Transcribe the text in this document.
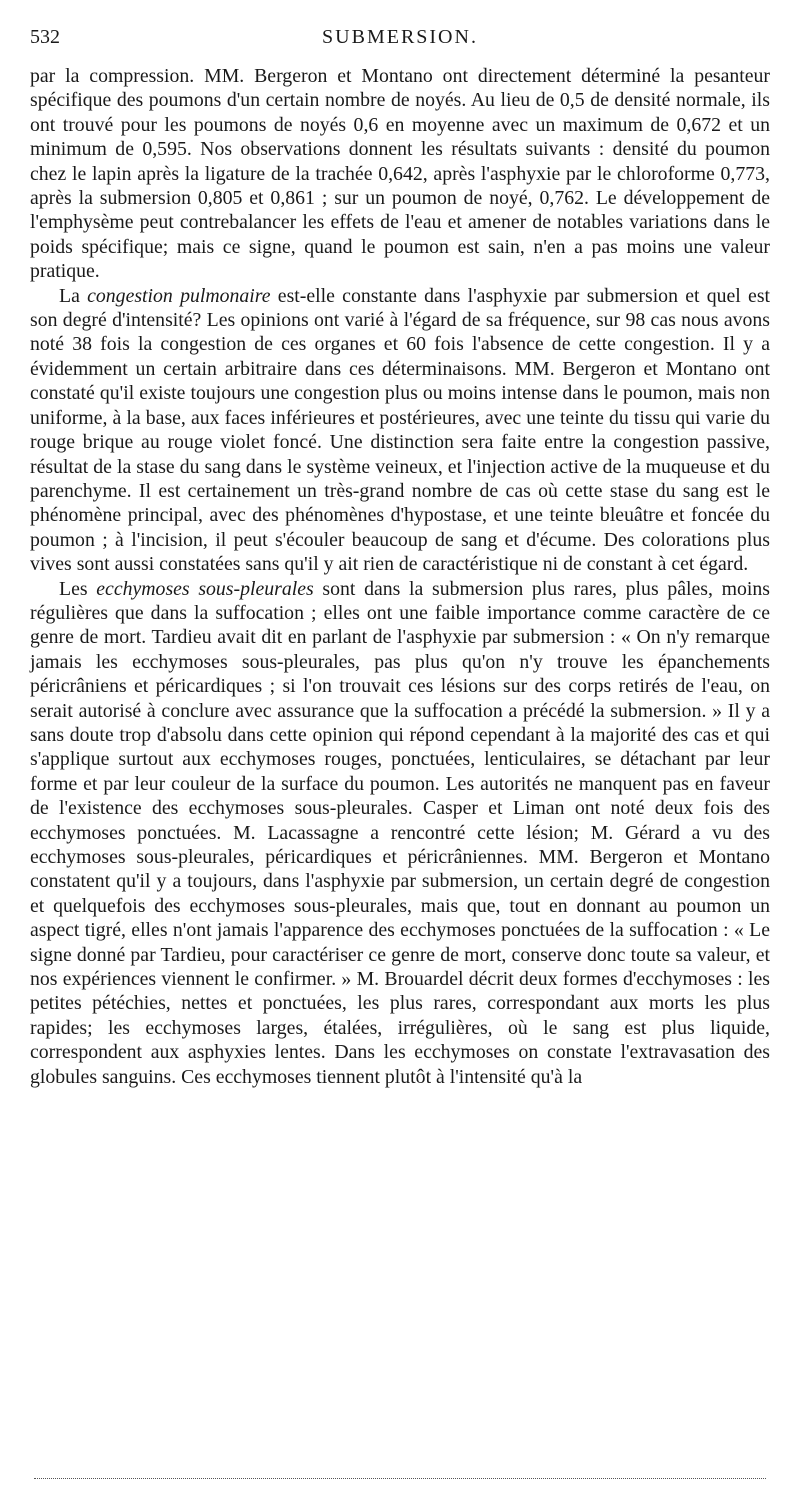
532	SUBMERSION.

par la compression. MM. Bergeron et Montano ont directement déterminé la pesanteur spécifique des poumons d'un certain nombre de noyés. Au lieu de 0,5 de densité normale, ils ont trouvé pour les poumons de noyés 0,6 en moyenne avec un maximum de 0,672 et un minimum de 0,595. Nos observations donnent les résultats suivants : densité du poumon chez le lapin après la ligature de la trachée 0,642, après l'asphyxie par le chloroforme 0,773, après la submersion 0,805 et 0,861 ; sur un poumon de noyé, 0,762. Le développement de l'emphysème peut contrebalancer les effets de l'eau et amener de notables variations dans le poids spécifique; mais ce signe, quand le poumon est sain, n'en a pas moins une valeur pratique.

La congestion pulmonaire est-elle constante dans l'asphyxie par submersion et quel est son degré d'intensité? Les opinions ont varié à l'égard de sa fréquence, sur 98 cas nous avons noté 38 fois la congestion de ces organes et 60 fois l'absence de cette congestion. Il y a évidemment un certain arbitraire dans ces déterminaisons. MM. Bergeron et Montano ont constaté qu'il existe toujours une congestion plus ou moins intense dans le poumon, mais non uniforme, à la base, aux faces inférieures et postérieures, avec une teinte du tissu qui varie du rouge brique au rouge violet foncé. Une distinction sera faite entre la congestion passive, résultat de la stase du sang dans le système veineux, et l'injection active de la muqueuse et du parenchyme. Il est certainement un très-grand nombre de cas où cette stase du sang est le phénomène principal, avec des phénomènes d'hypostase, et une teinte bleuâtre et foncée du poumon ; à l'incision, il peut s'écouler beaucoup de sang et d'écume. Des colorations plus vives sont aussi constatées sans qu'il y ait rien de caractéristique ni de constant à cet égard.

Les ecchymoses sous-pleurales sont dans la submersion plus rares, plus pâles, moins régulières que dans la suffocation ; elles ont une faible importance comme caractère de ce genre de mort. Tardieu avait dit en parlant de l'asphyxie par submersion : « On n'y remarque jamais les ecchymoses sous-pleurales, pas plus qu'on n'y trouve les épanchements péricrâniens et péricardiques ; si l'on trouvait ces lésions sur des corps retirés de l'eau, on serait autorisé à conclure avec assurance que la suffocation a précédé la submersion. » Il y a sans doute trop d'absolu dans cette opinion qui répond cependant à la majorité des cas et qui s'applique surtout aux ecchymoses rouges, ponctuées, lenticulaires, se détachant par leur forme et par leur couleur de la surface du poumon. Les autorités ne manquent pas en faveur de l'existence des ecchymoses sous-pleurales. Casper et Liman ont noté deux fois des ecchymoses ponctuées. M. Lacassagne a rencontré cette lésion; M. Gérard a vu des ecchymoses sous-pleurales, péricardiques et péricrâniennes. MM. Bergeron et Montano constatent qu'il y a toujours, dans l'asphyxie par submersion, un certain degré de congestion et quelquefois des ecchymoses sous-pleurales, mais que, tout en donnant au poumon un aspect tigré, elles n'ont jamais l'apparence des ecchymoses ponctuées de la suffocation : « Le signe donné par Tardieu, pour caractériser ce genre de mort, conserve donc toute sa valeur, et nos expériences viennent le confirmer. » M. Brouardel décrit deux formes d'ecchymoses : les petites pétéchies, nettes et ponctuées, les plus rares, correspondant aux morts les plus rapides; les ecchymoses larges, étalées, irrégulières, où le sang est plus liquide, correspondent aux asphyxies lentes. Dans les ecchymoses on constate l'extravasation des globules sanguins. Ces ecchymoses tiennent plutôt à l'intensité qu'à la
